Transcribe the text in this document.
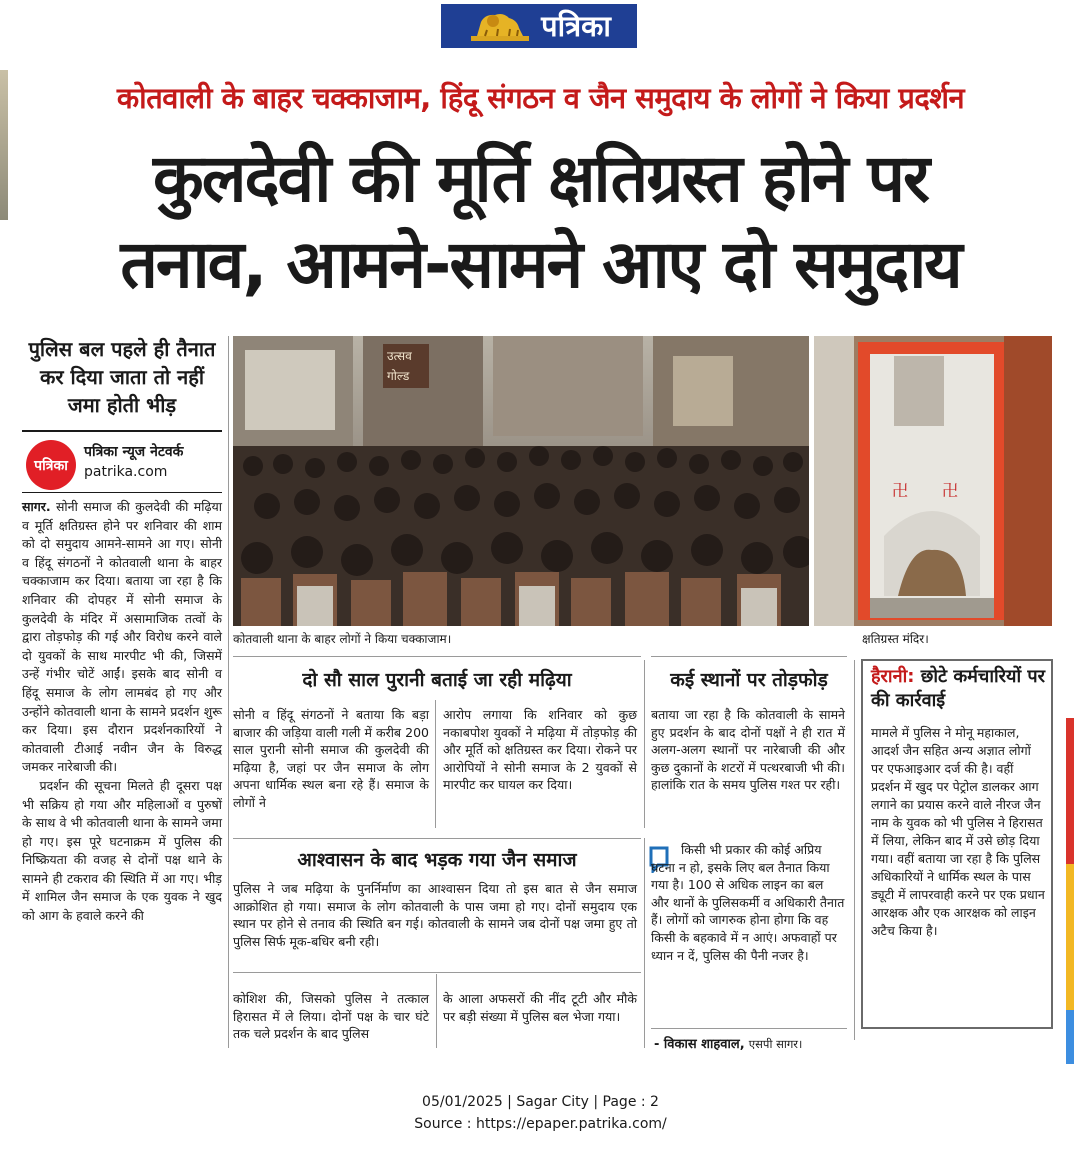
पत्रिका
कोतवाली के बाहर चक्काजाम, हिंदू संगठन व जैन समुदाय के लोगों ने किया प्रदर्शन
कुलदेवी की मूर्ति क्षतिग्रस्त होने पर
तनाव, आमने-सामने आए दो समुदाय
पुलिस बल पहले ही तैनात कर दिया जाता तो नहीं जमा होती भीड़
पत्रिका
पत्रिका न्यूज नेटवर्क
patrika.com

सागर. सोनी समाज की कुलदेवी की मढ़िया व मूर्ति क्षतिग्रस्त होने पर शनिवार की शाम को दो समुदाय आमने-सामने आ गए। सोनी व हिंदू संगठनों ने कोतवाली थाना के बाहर चक्काजाम कर दिया। बताया जा रहा है कि शनिवार की दोपहर में सोनी समाज के कुलदेवी के मंदिर में असामाजिक तत्वों के द्वारा तोड़फोड़ की गई और विरोध करने वाले दो युवकों के साथ मारपीट भी की, जिसमें उन्हें गंभीर चोटें आईं। इसके बाद सोनी व हिंदू समाज के लोग लामबंद हो गए और उन्होंने कोतवाली थाना के सामने प्रदर्शन शुरू कर दिया। इस दौरान प्रदर्शनकारियों ने कोतवाली टीआई नवीन जैन के विरुद्ध जमकर नारेबाजी की।

प्रदर्शन की सूचना मिलते ही दूसरा पक्ष भी सक्रिय हो गया और महिलाओं व पुरुषों के साथ वे भी कोतवाली थाना के सामने जमा हो गए। इस पूरे घटनाक्रम में पुलिस की निष्क्रियता की वजह से दोनों पक्ष थाने के सामने ही टकराव की स्थिति में आ गए। भीड़ में शामिल जैन समाज के एक युवक ने खुद को आग के हवाले करने की

उत्सव
गोल्ड
कोतवाली थाना के बाहर लोगों ने किया चक्काजाम।
卍 卍
क्षतिग्रस्त मंदिर।
दो सौ साल पुरानी बताई जा रही मढ़िया
सोनी व हिंदू संगठनों ने बताया कि बड़ा बाजार की जड़िया वाली गली में करीब 200 साल पुरानी सोनी समाज की कुलदेवी की मढ़िया है, जहां पर जैन समाज के लोग अपना धार्मिक स्थल बना रहे हैं। समाज के लोगों ने
आरोप लगाया कि शनिवार को कुछ नकाबपोश युवकों ने मढ़िया में तोड़फोड़ की और मूर्ति को क्षतिग्रस्त कर दिया। रोकने पर आरोपियों ने सोनी समाज के 2 युवकों से मारपीट कर घायल कर दिया।
कई स्थानों पर तोड़फोड़
बताया जा रहा है कि कोतवाली के सामने हुए प्रदर्शन के बाद दोनों पक्षों ने ही रात में अलग-अलग स्थानों पर नारेबाजी की और कुछ दुकानों के शटरों में पत्थरबाजी भी की। हालांकि रात के समय पुलिस गश्त पर रही।
आश्वासन के बाद भड़क गया जैन समाज
पुलिस ने जब मढ़िया के पुनर्निर्माण का आश्वासन दिया तो इस बात से जैन समाज आक्रोशित हो गया। समाज के लोग कोतवाली के पास जमा हो गए। दोनों समुदाय एक स्थान पर होने से तनाव की स्थिति बन गई। कोतवाली के सामने जब दोनों पक्ष जमा हुए तो पुलिस सिर्फ मूक-बधिर बनी रही।
कोशिश की, जिसको पुलिस ने तत्काल हिरासत में ले लिया। दोनों पक्ष के चार घंटे तक चले प्रदर्शन के बाद पुलिस
के आला अफसरों की नींद टूटी और मौके पर बड़ी संख्या में पुलिस बल भेजा गया।
किसी भी प्रकार की कोई अप्रिय घटना न हो, इसके लिए बल तैनात किया गया है। 100 से अधिक लाइन का बल और थानों के पुलिसकर्मी व अधिकारी तैनात हैं। लोगों को जागरुक होना होगा कि वह किसी के बहकावे में न आएं। अफवाहों पर ध्यान न दें, पुलिस की पैनी नजर है।
- विकास शाहवाल, एसपी सागर।
हैरानी: छोटे कर्मचारियों पर की कार्रवाई
मामले में पुलिस ने मोनू महाकाल, आदर्श जैन सहित अन्य अज्ञात लोगों पर एफआइआर दर्ज की है। वहीं प्रदर्शन में खुद पर पेट्रोल डालकर आग लगाने का प्रयास करने वाले नीरज जैन नाम के युवक को भी पुलिस ने हिरासत में लिया, लेकिन बाद में उसे छोड़ दिया गया। वहीं बताया जा रहा है कि पुलिस अधिकारियों ने धार्मिक स्थल के पास ड्यूटी में लापरवाही करने पर एक प्रधान आरक्षक और एक आरक्षक को लाइन अटैच किया है।
05/01/2025 | Sagar City | Page : 2
Source : https://epaper.patrika.com/
